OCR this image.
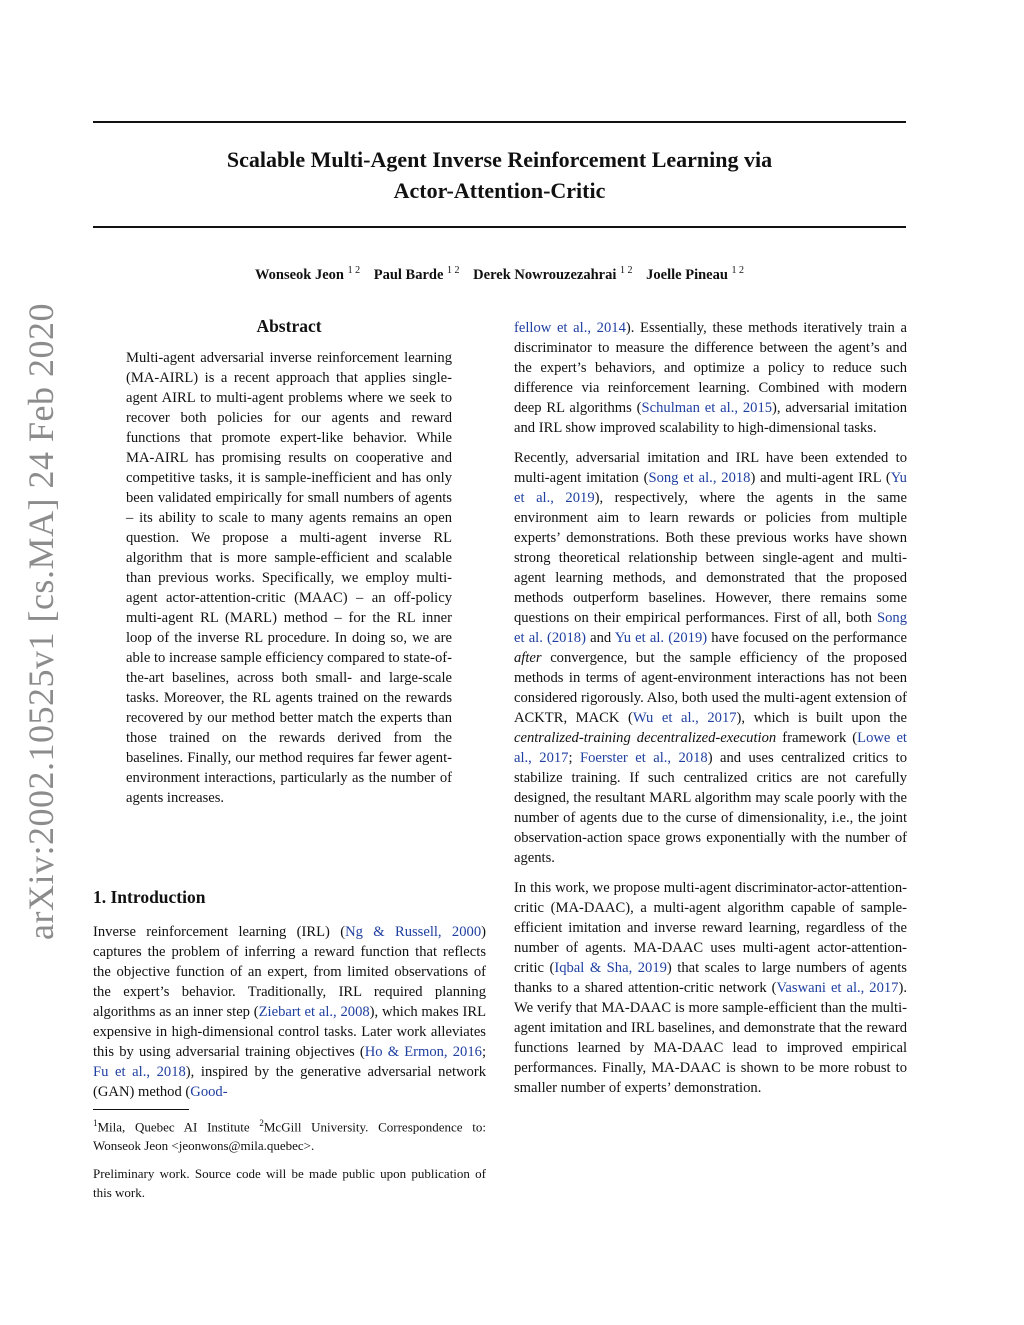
Scalable Multi-Agent Inverse Reinforcement Learning via
Actor-Attention-Critic
Wonseok Jeon $^{1 2}$ Paul Barde $^{1 2}$ Derek Nowrouzezahrai $^{1 2}$ Joelle Pineau $^{1 2}$
arXiv:2002.10525v1 [cs.MA] 24 Feb 2020	Abstract

Multi-agent adversarial inverse reinforcement learning (MA-AIRL) is a recent approach that applies single-agent AIRL to multi-agent problems where we seek to recover both policies for our agents and reward functions that promote expert-like behavior. While MA-AIRL has promising results on cooperative and competitive tasks, it is sample-inefficient and has only been validated empirically for small numbers of agents – its ability to scale to many agents remains an open question. We propose a multi-agent inverse RL algorithm that is more sample-efficient and scalable than previous works. Specifically, we employ multi-agent actor-attention-critic (MAAC) – an off-policy multi-agent RL (MARL) method – for the RL inner loop of the inverse RL procedure. In doing so, we are able to increase sample efficiency compared to state-of-the-art baselines, across both small- and large-scale tasks. Moreover, the RL agents trained on the rewards recovered by our method better match the experts than those trained on the rewards derived from the baselines. Finally, our method requires far fewer agent-environment interactions, particularly as the number of agents increases.

1. Introduction

Inverse reinforcement learning (IRL) (Ng & Russell, 2000) captures the problem of inferring a reward function that reflects the objective function of an expert, from limited observations of the expert’s behavior. Traditionally, IRL required planning algorithms as an inner step (Ziebart et al., 2008), which makes IRL expensive in high-dimensional control tasks. Later work alleviates this by using adversarial training objectives (Ho & Ermon, 2016; Fu et al., 2018), inspired by the generative adversarial network (GAN) method (Good-

$^1$Mila, Quebec AI Institute $^2$McGill University. Correspondence to: Wonseok Jeon <jeonwons@mila.quebec>.
Preliminary work. Source code will be made public upon publication of this work.

fellow et al., 2014). Essentially, these methods iteratively train a discriminator to measure the difference between the agent’s and the expert’s behaviors, and optimize a policy to reduce such difference via reinforcement learning. Combined with modern deep RL algorithms (Schulman et al., 2015), adversarial imitation and IRL show improved scalability to high-dimensional tasks.

Recently, adversarial imitation and IRL have been extended to multi-agent imitation (Song et al., 2018) and multi-agent IRL (Yu et al., 2019), respectively, where the agents in the same environment aim to learn rewards or policies from multiple experts’ demonstrations. Both these previous works have shown strong theoretical relationship between single-agent and multi-agent learning methods, and demonstrated that the proposed methods outperform baselines. However, there remains some questions on their empirical performances. First of all, both Song et al. (2018) and Yu et al. (2019) have focused on the performance after convergence, but the sample efficiency of the proposed methods in terms of agent-environment interactions has not been considered rigorously. Also, both used the multi-agent extension of ACKTR, MACK (Wu et al., 2017), which is built upon the centralized-training decentralized-execution framework (Lowe et al., 2017; Foerster et al., 2018) and uses centralized critics to stabilize training. If such centralized critics are not carefully designed, the resultant MARL algorithm may scale poorly with the number of agents due to the curse of dimensionality, i.e., the joint observation-action space grows exponentially with the number of agents.

In this work, we propose multi-agent discriminator-actor-attention-critic (MA-DAAC), a multi-agent algorithm capable of sample-efficient imitation and inverse reward learning, regardless of the number of agents. MA-DAAC uses multi-agent actor-attention-critic (Iqbal & Sha, 2019) that scales to large numbers of agents thanks to a shared attention-critic network (Vaswani et al., 2017). We verify that MA-DAAC is more sample-efficient than the multi-agent imitation and IRL baselines, and demonstrate that the reward functions learned by MA-DAAC lead to improved empirical performances. Finally, MA-DAAC is shown to be more robust to smaller number of experts’ demonstration.
